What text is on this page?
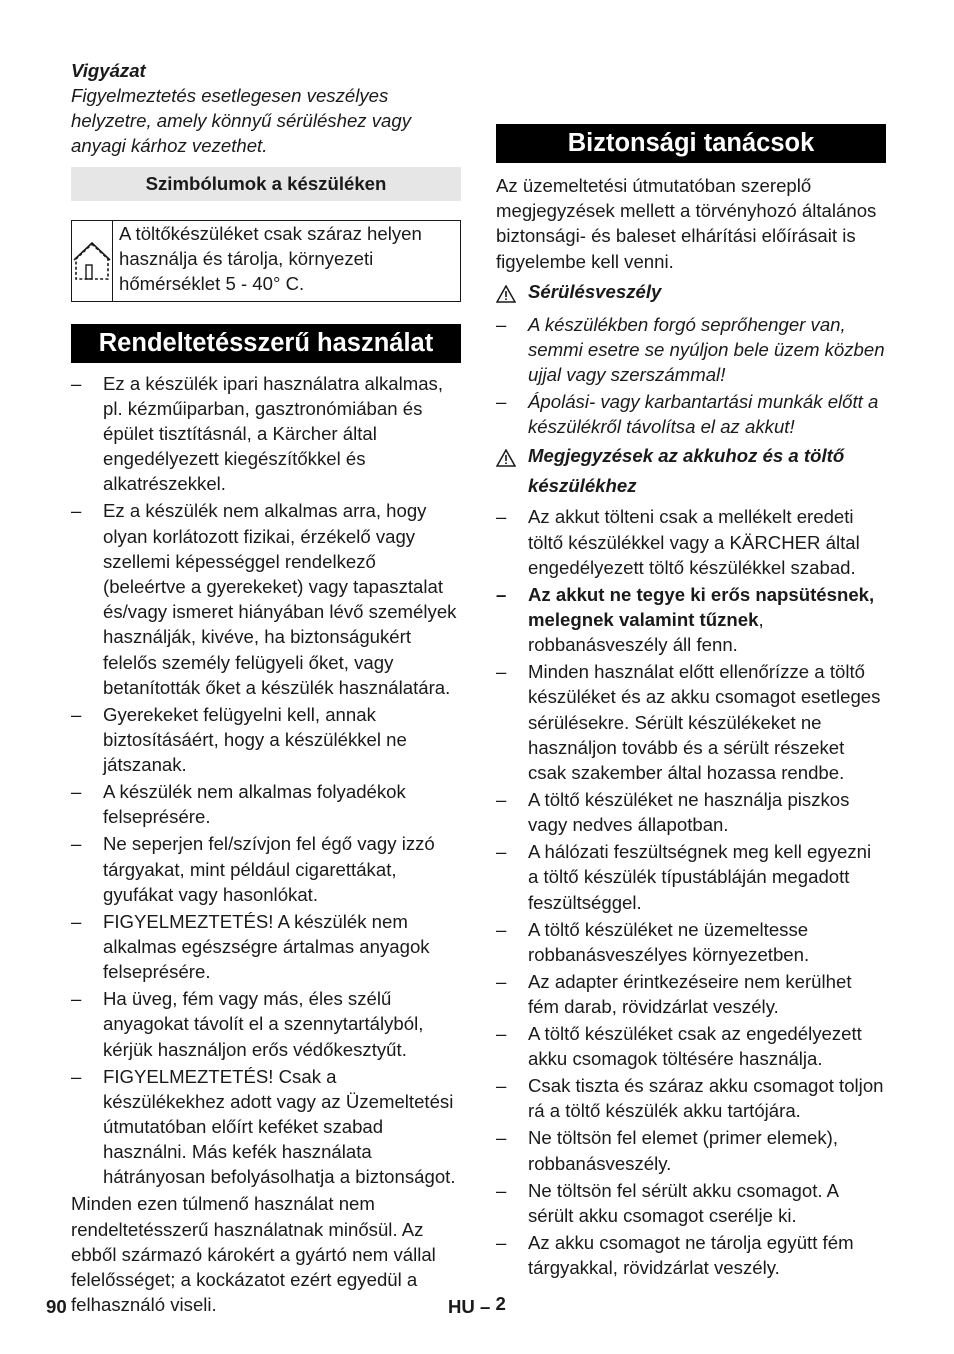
Vigyázat

Figyelmeztetés esetlegesen veszélyes helyzetre, amely könnyű sérüléshez vagy anyagi kárhoz vezethet.

Szimbólumok a készüléken
A töltőkészüléket csak száraz helyen használja és tárolja, környezeti hőmérséklet 5 - 40° C.
Rendeltetésszerű használat
– Ez a készülék ipari használatra alkalmas, pl. kézműiparban, gasztronómiában és épület tisztításnál, a Kärcher által engedélyezett kiegészítőkkel és alkatrészekkel.
– Ez a készülék nem alkalmas arra, hogy olyan korlátozott fizikai, érzékelő vagy szellemi képességgel rendelkező (beleértve a gyerekeket) vagy tapasztalat és/vagy ismeret hiányában lévő személyek használják, kivéve, ha biztonságukért felelős személy felügyeli őket, vagy betanították őket a készülék használatára.
– Gyerekeket felügyelni kell, annak biztosításáért, hogy a készülékkel ne játszanak.
– A készülék nem alkalmas folyadékok felseprésére.
– Ne seperjen fel/szívjon fel égő vagy izzó tárgyakat, mint például cigarettákat, gyufákat vagy hasonlókat.
– FIGYELMEZTETÉS! A készülék nem alkalmas egészségre ártalmas anyagok felseprésére.
– Ha üveg, fém vagy más, éles szélű anyagokat távolít el a szennytartályból, kérjük használjon erős védőkesztyűt.
– FIGYELMEZTETÉS! Csak a készülékekhez adott vagy az Üzemeltetési útmutatóban előírt keféket szabad használni. Más kefék használata hátrányosan befolyásolhatja a biztonságot.

Minden ezen túlmenő használat nem rendeltetésszerű használatnak minősül. Az ebből származó károkért a gyártó nem vállal felelősséget; a kockázatot ezért egyedül a felhasználó viseli.

Biztonsági tanácsok

Az üzemeltetési útmutatóban szereplő megjegyzések mellett a törvényhozó általános biztonsági- és baleset elhárítási előírásait is figyelembe kell venni.

Sérülésveszély
– A készülékben forgó seprőhenger van, semmi esetre se nyúljon bele üzem közben ujjal vagy szerszámmal!
– Ápolási- vagy karbantartási munkák előtt a készülékről távolítsa el az akkut!
Megjegyzések az akkuhoz és a töltő készülékhez
– Az akkut tölteni csak a mellékelt eredeti töltő készülékkel vagy a KÄRCHER által engedélyezett töltő készülékkel szabad.
– Az akkut ne tegye ki erős napsütésnek, melegnek valamint tűznek, robbanásveszély áll fenn.
– Minden használat előtt ellenőrízze a töltő készüléket és az akku csomagot esetleges sérülésekre. Sérült készülékeket ne használjon tovább és a sérült részeket csak szakember által hozassa rendbe.
– A töltő készüléket ne használja piszkos vagy nedves állapotban.
– A hálózati feszültségnek meg kell egyezni a töltő készülék típustábláján megadott feszültséggel.
– A töltő készüléket ne üzemeltesse robbanásveszélyes környezetben.
– Az adapter érintkezéseire nem kerülhet fém darab, rövidzárlat veszély.
– A töltő készüléket csak az engedélyezett akku csomagok töltésére használja.
– Csak tiszta és száraz akku csomagot toljon rá a töltő készülék akku tartójára.
– Ne töltsön fel elemet (primer elemek), robbanásveszély.
– Ne töltsön fel sérült akku csomagot. A sérült akku csomagot cserélje ki.
– Az akku csomagot ne tárolja együtt fém tárgyakkal, rövidzárlat veszély.
90	HU – 2
